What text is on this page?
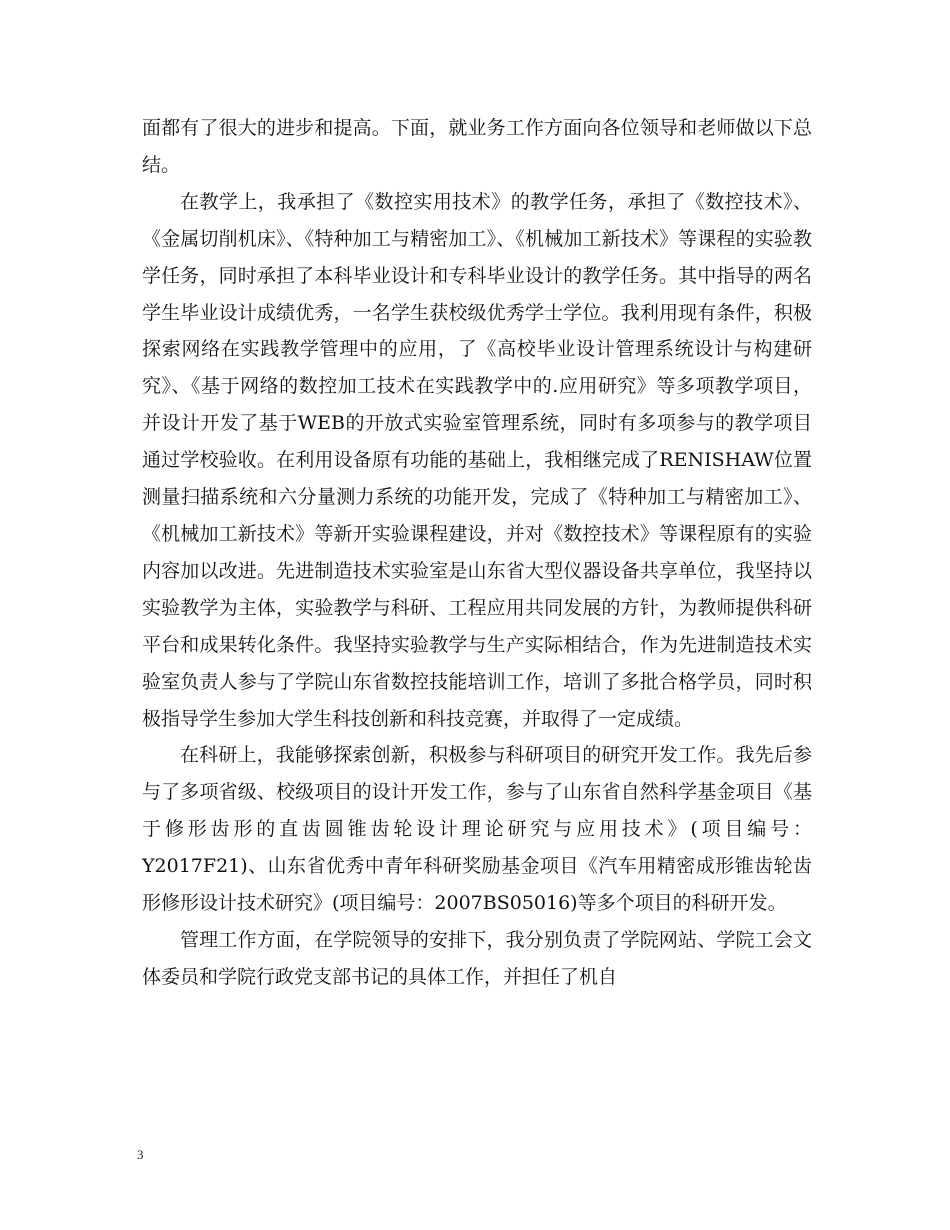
面都有了很大的进步和提高。下面，就业务工作方面向各位领导和老师做以下总结。

在教学上，我承担了《数控实用技术》的教学任务，承担了《数控技术》、《金属切削机床》、《特种加工与精密加工》、《机械加工新技术》等课程的实验教学任务，同时承担了本科毕业设计和专科毕业设计的教学任务。其中指导的两名学生毕业设计成绩优秀，一名学生获校级优秀学士学位。我利用现有条件，积极探索网络在实践教学管理中的应用，了《高校毕业设计管理系统设计与构建研究》、《基于网络的数控加工技术在实践教学中的.应用研究》等多项教学项目，并设计开发了基于WEB的开放式实验室管理系统，同时有多项参与的教学项目通过学校验收。在利用设备原有功能的基础上，我相继完成了RENISHAW位置测量扫描系统和六分量测力系统的功能开发，完成了《特种加工与精密加工》、《机械加工新技术》等新开实验课程建设，并对《数控技术》等课程原有的实验内容加以改进。先进制造技术实验室是山东省大型仪器设备共享单位，我坚持以实验教学为主体，实验教学与科研、工程应用共同发展的方针，为教师提供科研平台和成果转化条件。我坚持实验教学与生产实际相结合，作为先进制造技术实验室负责人参与了学院山东省数控技能培训工作，培训了多批合格学员，同时积极指导学生参加大学生科技创新和科技竞赛，并取得了一定成绩。

在科研上，我能够探索创新，积极参与科研项目的研究开发工作。我先后参与了多项省级、校级项目的设计开发工作，参与了山东省自然科学基金项目《基于修形齿形的直齿圆锥齿轮设计理论研究与应用技术》(项目编号：Y2017F21)、山东省优秀中青年科研奖励基金项目《汽车用精密成形锥齿轮齿形修形设计技术研究》(项目编号：2007BS05016)等多个项目的科研开发。

管理工作方面，在学院领导的安排下，我分别负责了学院网站、学院工会文体委员和学院行政党支部书记的具体工作，并担任了机自

3
